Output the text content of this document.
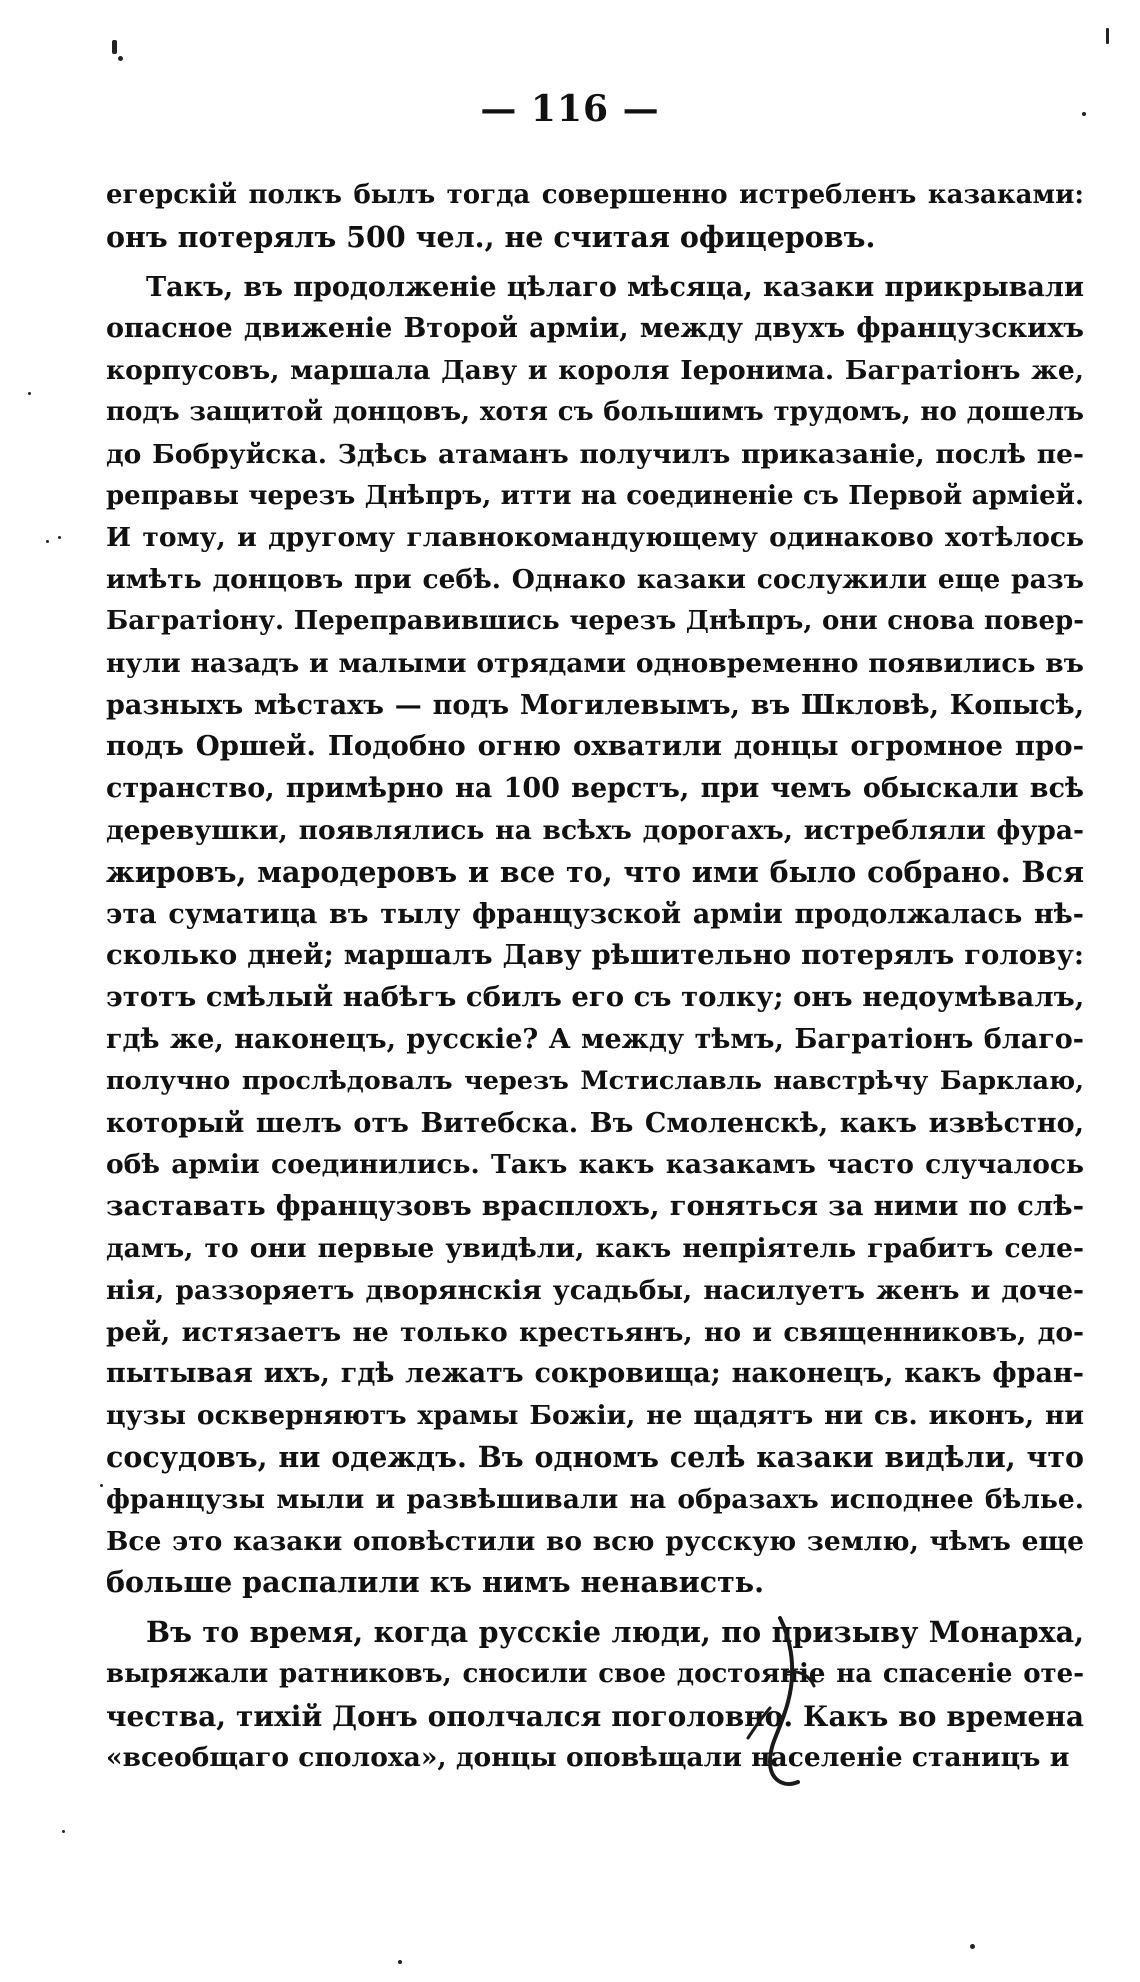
— 116 —
егерскій полкъ былъ тогда совершенно истребленъ казаками:
онъ потерялъ 500 чел., не считая офицеровъ.
Такъ, въ продолженіе цѣлаго мѣсяца, казаки прикрывали
опасное движеніе Второй арміи, между двухъ французскихъ
корпусовъ, маршала Даву и короля Іеронима. Багратіонъ же,
подъ защитой донцовъ, хотя съ большимъ трудомъ, но дошелъ
до Бобруйска. Здѣсь атаманъ получилъ приказаніе, послѣ пе-
реправы черезъ Днѣпръ, итти на соединеніе съ Первой арміей.
И тому, и другому главнокомандующему одинаково хотѣлось
имѣть донцовъ при себѣ. Однако казаки сослужили еще разъ
Багратіону. Переправившись черезъ Днѣпръ, они снова повер-
нули назадъ и малыми отрядами одновременно появились въ
разныхъ мѣстахъ — подъ Могилевымъ, въ Шкловѣ, Копысѣ,
подъ Оршей. Подобно огню охватили донцы огромное про-
странство, примѣрно на 100 верстъ, при чемъ обыскали всѣ
деревушки, появлялись на всѣхъ дорогахъ, истребляли фура-
жировъ, мародеровъ и все то, что ими было собрано. Вся
эта суматица въ тылу французской арміи продолжалась нѣ-
сколько дней; маршалъ Даву рѣшительно потерялъ голову:
этотъ смѣлый набѣгъ сбилъ его съ толку; онъ недоумѣвалъ,
гдѣ же, наконецъ, русскіе? А между тѣмъ, Багратіонъ благо-
получно прослѣдовалъ черезъ Мстиславль навстрѣчу Барклаю,
который шелъ отъ Витебска. Въ Смоленскѣ, какъ извѣстно,
обѣ арміи соединились. Такъ какъ казакамъ часто случалось
заставать французовъ врасплохъ, гоняться за ними по слѣ-
дамъ, то они первые увидѣли, какъ непріятель грабитъ селе-
нія, раззоряетъ дворянскія усадьбы, насилуетъ женъ и доче-
рей, истязаетъ не только крестьянъ, но и священниковъ, до-
пытывая ихъ, гдѣ лежатъ сокровища; наконецъ, какъ фран-
цузы оскверняютъ храмы Божіи, не щадятъ ни св. иконъ, ни
сосудовъ, ни одеждъ. Въ одномъ селѣ казаки видѣли, что
французы мыли и развѣшивали на образахъ исподнее бѣлье.
Все это казаки оповѣстили во всю русскую землю, чѣмъ еще
больше распалили къ нимъ ненависть.
Въ то время, когда русскіе люди, по призыву Монарха,
выряжали ратниковъ, сносили свое достояніе на спасеніе оте-
чества, тихій Донъ ополчался поголовно. Какъ во времена
«всеобщаго сполоха», донцы оповѣщали населеніе станицъ и
